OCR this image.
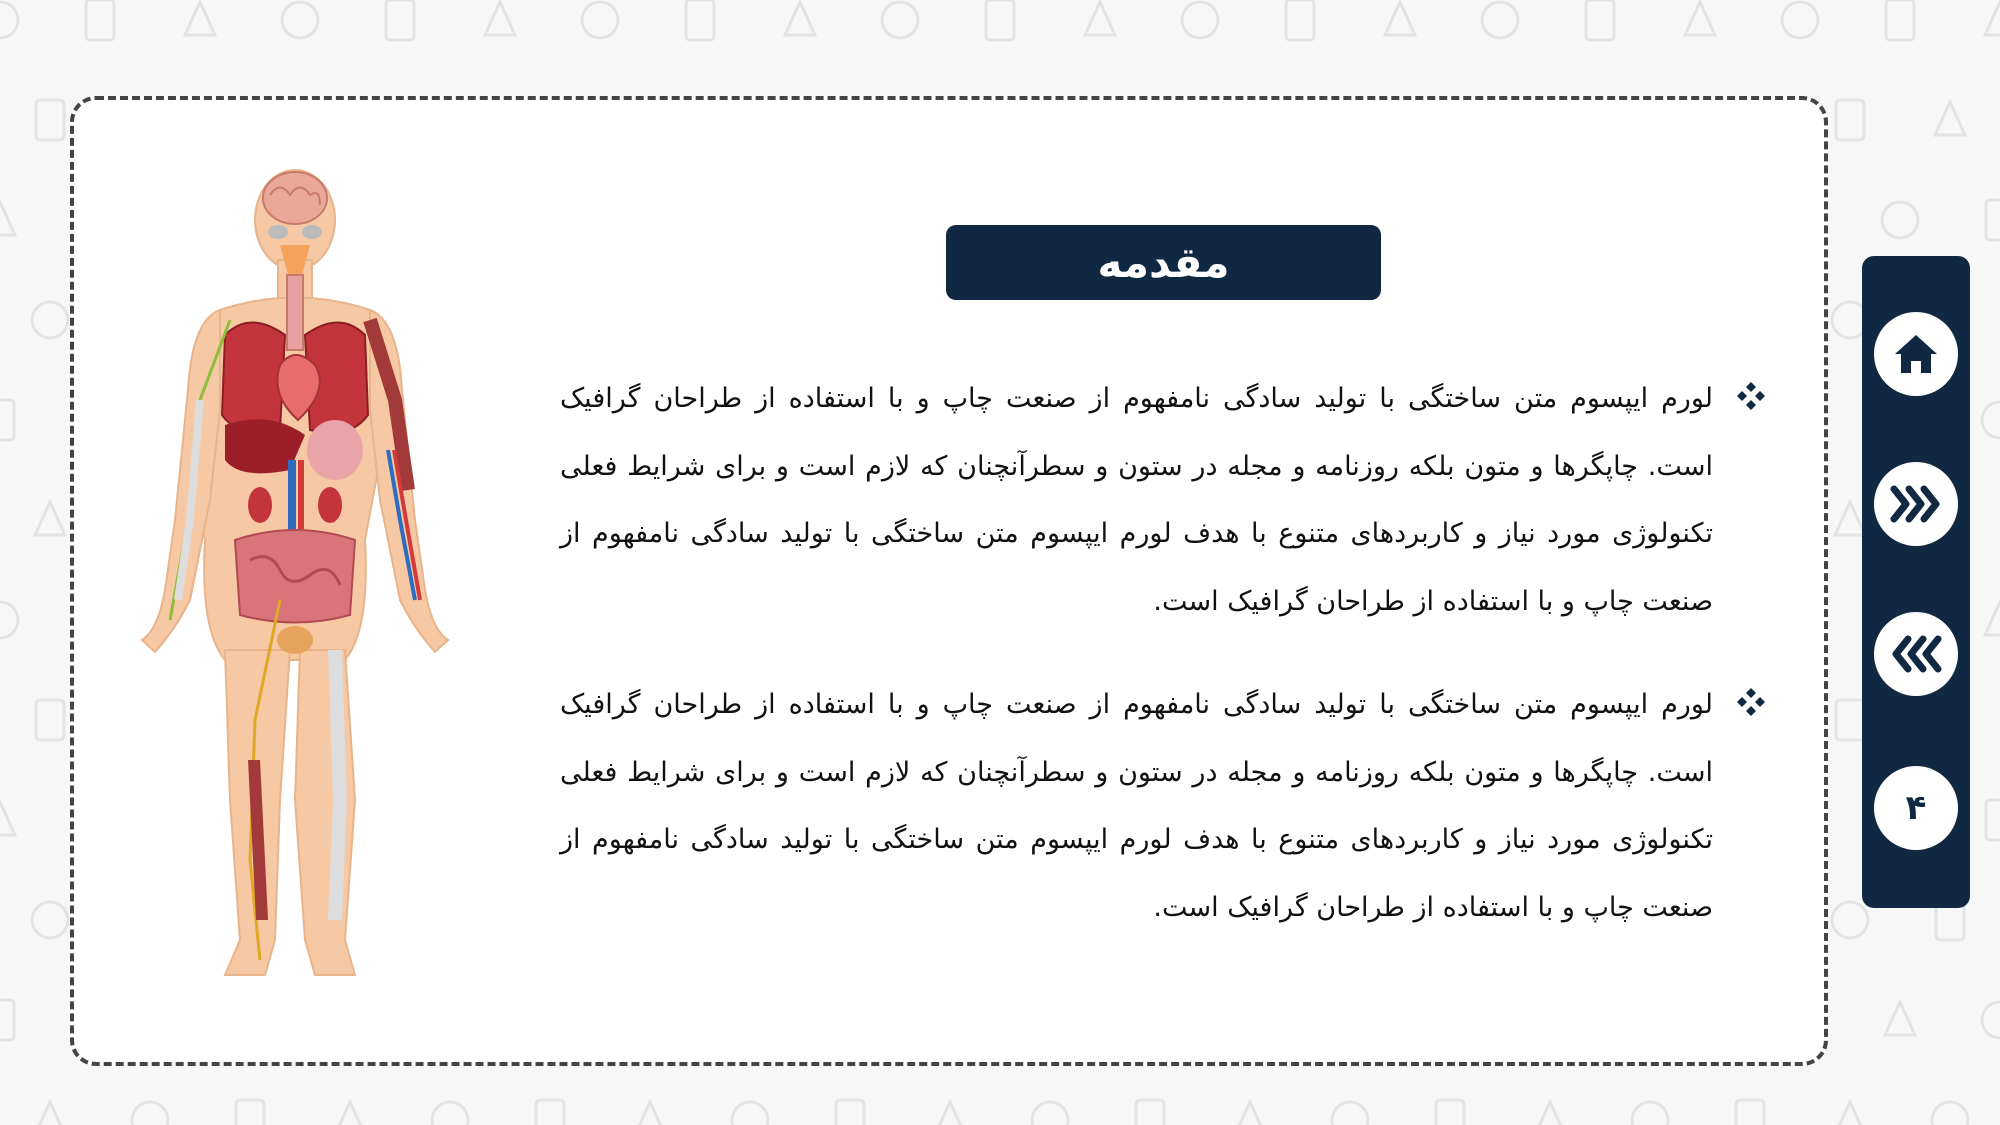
مقدمه
لورم ایپسوم متن ساختگی با تولید سادگی نامفهوم از صنعت چاپ و با استفاده از طراحان گرافیک است. چاپگرها و متون بلکه روزنامه و مجله در ستون و سطرآنچنان که لازم است و برای شرایط فعلی تکنولوژی مورد نیاز و کاربردهای متنوع با هدف لورم ایپسوم متن ساختگی با تولید سادگی نامفهوم از صنعت چاپ و با استفاده از طراحان گرافیک است.
لورم ایپسوم متن ساختگی با تولید سادگی نامفهوم از صنعت چاپ و با استفاده از طراحان گرافیک است. چاپگرها و متون بلکه روزنامه و مجله در ستون و سطرآنچنان که لازم است و برای شرایط فعلی تکنولوژی مورد نیاز و کاربردهای متنوع با هدف لورم ایپسوم متن ساختگی با تولید سادگی نامفهوم از صنعت چاپ و با استفاده از طراحان گرافیک است.
۴
